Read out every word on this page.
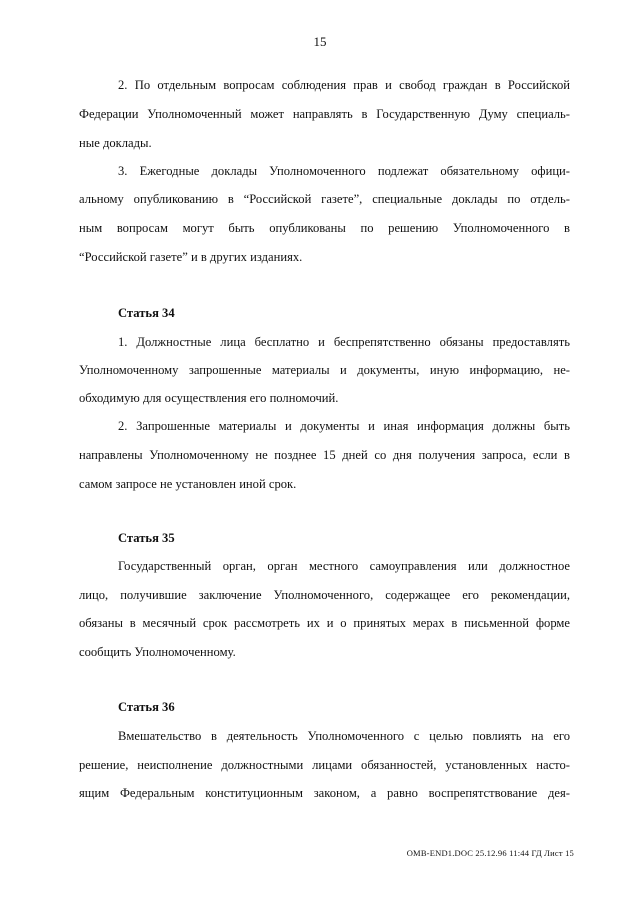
15
2. По отдельным вопросам соблюдения прав и свобод граждан в Российской
Федерации Уполномоченный может направлять в Государственную Думу специаль-
ные доклады.
3. Ежегодные доклады Уполномоченного подлежат обязательному офици-
альному опубликованию в “Российской газете”, специальные доклады по отдель-
ным вопросам могут быть опубликованы по решению Уполномоченного в
“Российской газете” и в других изданиях.
Статья 34
1. Должностные лица бесплатно и беспрепятственно обязаны предоставлять
Уполномоченному запрошенные материалы и документы, иную информацию, не-
обходимую для осуществления его полномочий.
2. Запрошенные материалы и документы и иная информация должны быть
направлены Уполномоченному не позднее 15 дней со дня получения запроса, если в
самом запросе не установлен иной срок.
Статья 35
Государственный орган, орган местного самоуправления или должностное
лицо, получившие заключение Уполномоченного, содержащее его рекомендации,
обязаны в месячный срок рассмотреть их и о принятых мерах в письменной форме
сообщить Уполномоченному.
Статья 36
Вмешательство в деятельность Уполномоченного с целью повлиять на его
решение, неисполнение должностными лицами обязанностей, установленных насто-
ящим Федеральным конституционным законом, а равно воспрепятствование дея-
OMB-END1.DOC 25.12.96 11:44 ГД Лист 15
